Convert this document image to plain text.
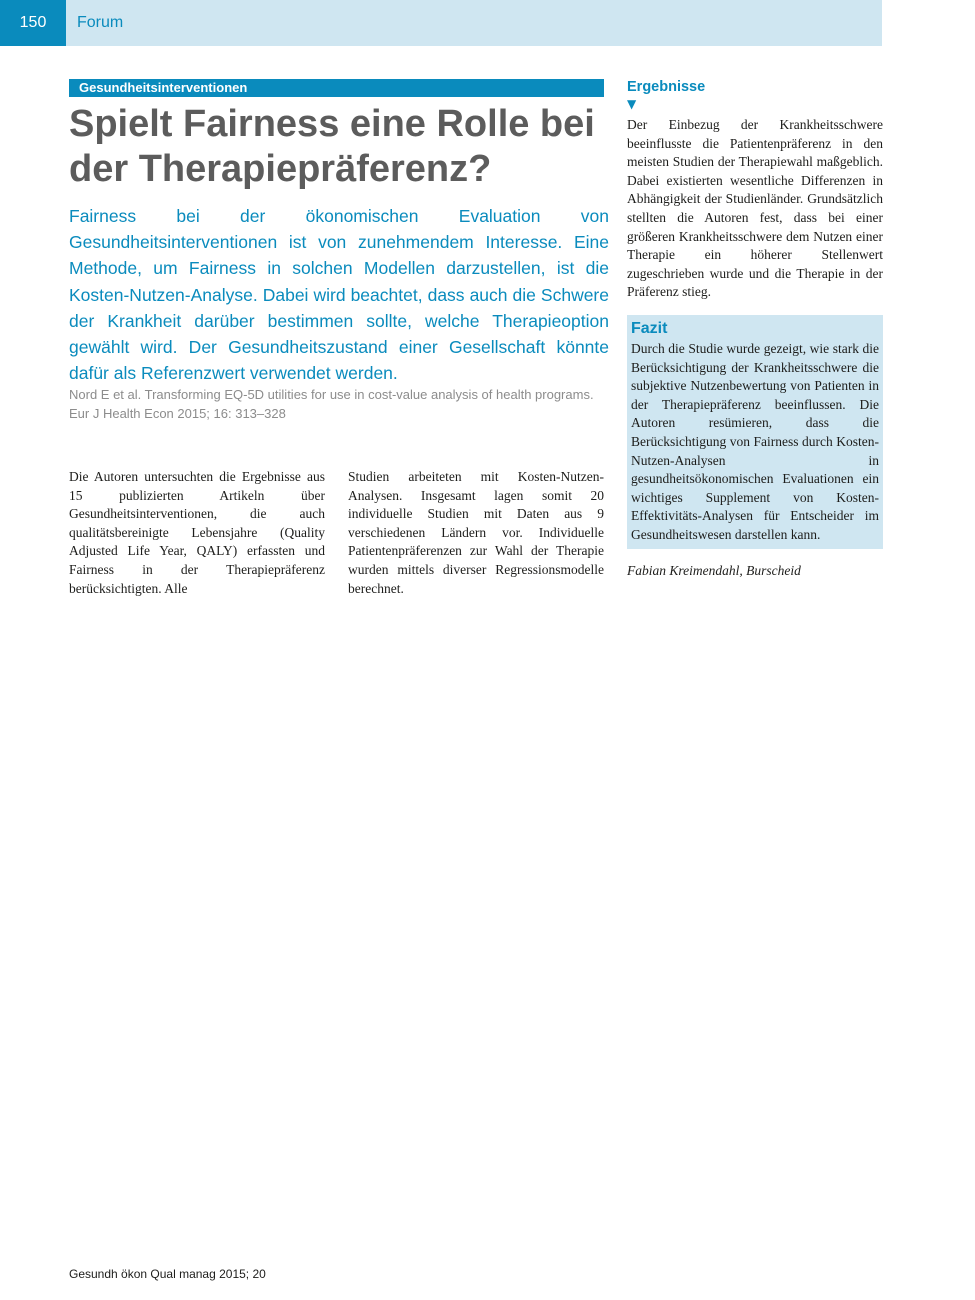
150	Forum
Gesundheitsinterventionen
Spielt Fairness eine Rolle bei der Therapiepräferenz?

Fairness bei der ökonomischen Evaluation von Gesundheitsinterventionen ist von zunehmendem Interesse. Eine Methode, um Fairness in solchen Modellen darzustellen, ist die Kosten-Nutzen-Analyse. Dabei wird beachtet, dass auch die Schwere der Krankheit darüber bestimmen sollte, welche Therapieoption gewählt wird. Der Gesundheitszustand einer Gesellschaft könnte dafür als Referenzwert verwendet werden.

Nord E et al. Transforming EQ-5D utilities for use in cost-value analysis of health programs. Eur J Health Econ 2015; 16: 313–328

Die Autoren untersuchten die Ergebnisse aus 15 publizierten Artikeln über Gesundheitsinterventionen, die auch qualitätsbereinigte Lebensjahre (Quality Adjusted Life Year, QALY) erfassten und Fairness in der Therapiepräferenz berücksichtigten. Alle

Studien arbeiteten mit Kosten-Nutzen-Analysen. Insgesamt lagen somit 20 individuelle Studien mit Daten aus 9 verschiedenen Ländern vor. Individuelle Patientenpräferenzen zur Wahl der Therapie wurden mittels diverser Regressionsmodelle berechnet.

Ergebnisse
▼

Der Einbezug der Krankheitsschwere beeinflusste die Patientenpräferenz in den meisten Studien der Therapiewahl maßgeblich. Dabei existierten wesentliche Differenzen in Abhängigkeit der Studienländer. Grundsätzlich stellten die Autoren fest, dass bei einer größeren Krankheitsschwere dem Nutzen einer Therapie ein höherer Stellenwert zugeschrieben wurde und die Therapie in der Präferenz stieg.

Fazit

Durch die Studie wurde gezeigt, wie stark die Berücksichtigung der Krankheitsschwere die subjektive Nutzenbewertung von Patienten in der Therapiepräferenz beeinflussen. Die Autoren resümieren, dass die Berücksichtigung von Fairness durch Kosten-Nutzen-Analysen in gesundheitsökonomischen Evaluationen ein wichtiges Supplement von Kosten-Effektivitäts-Analysen für Entscheider im Gesundheitswesen darstellen kann.

Fabian Kreimendahl, Burscheid

Gesundh ökon Qual manag 2015; 20
